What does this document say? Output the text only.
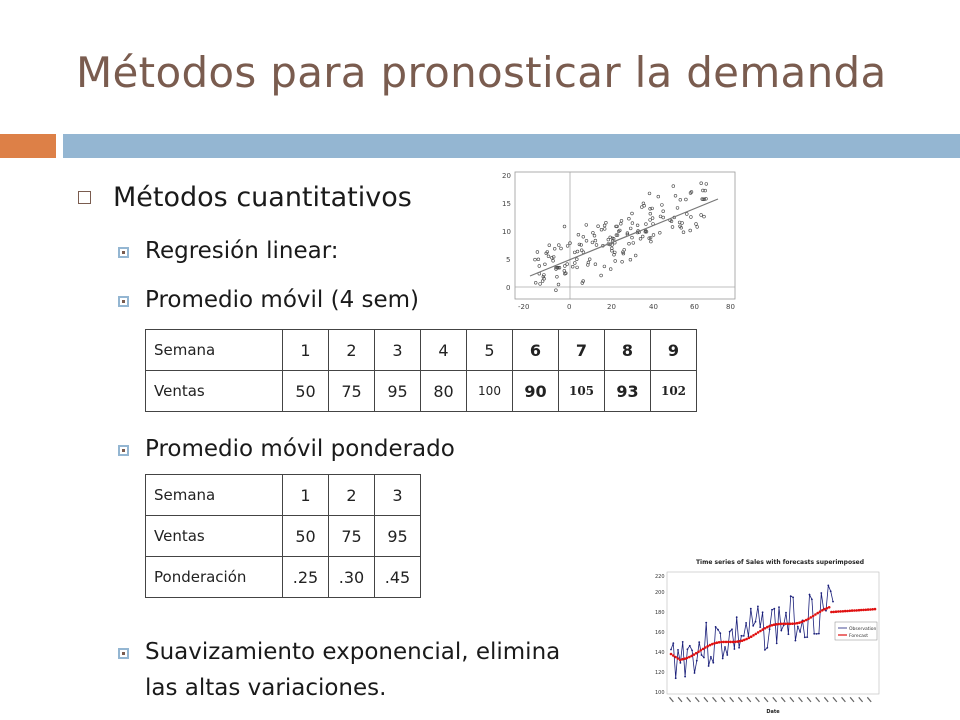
Métodos para pronosticar la demanda
Métodos cuantitativos
Regresión linear:
Promedio móvil (4 sem)
Semana	1	2	3	4	5	6	7	8	9
Ventas	50	75	95	80	100	90	105	93	102
Promedio móvil ponderado
Semana	1	2	3
Ventas	50	75	95
Ponderación	.25	.30	.45
Suavizamiento exponencial, elimina
las altas variaciones.
-20	0	20	40	60	80
0
5
10
15
20
Time series of Sales with forecasts superimposed
100
120
140
160
180
200
220
Observation
Forecast
Date
